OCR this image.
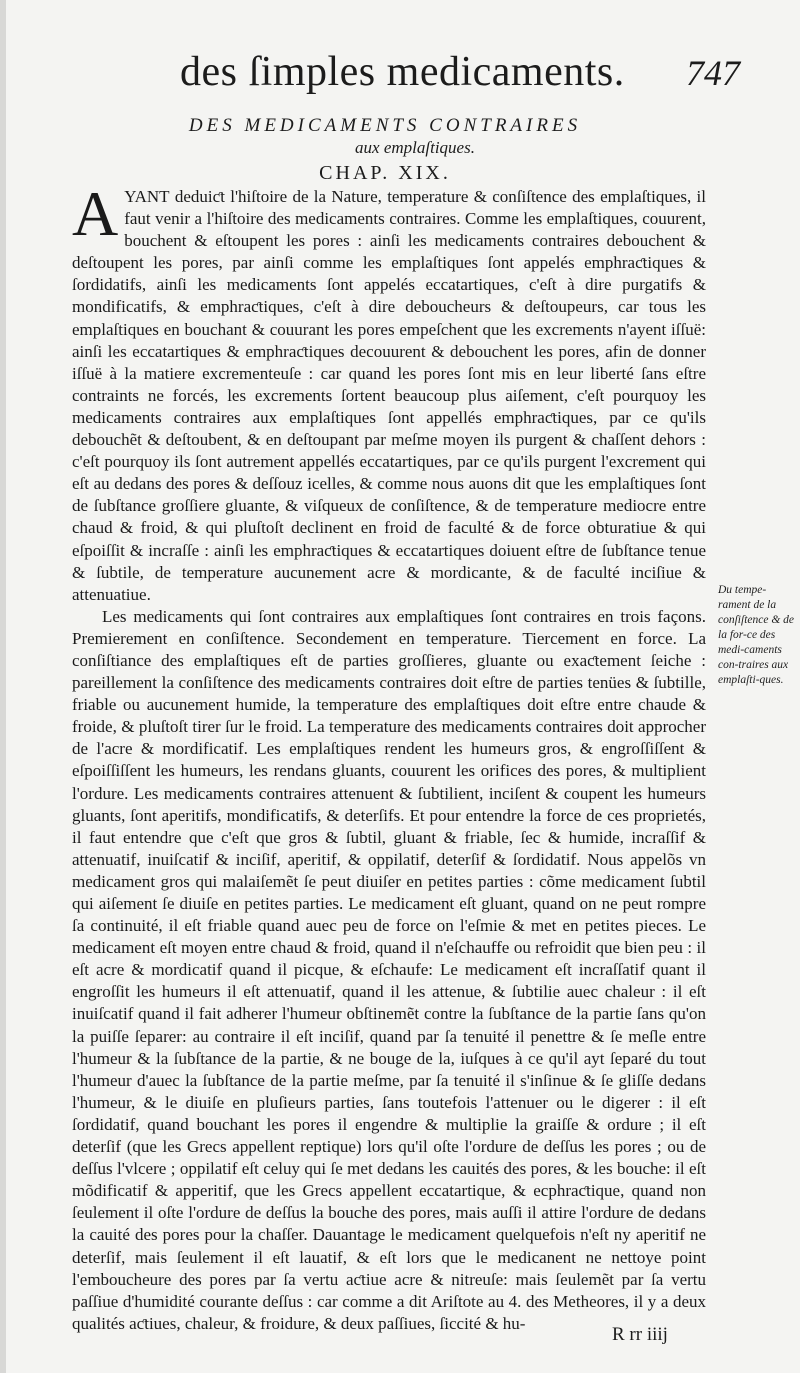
des ſimples medicaments. 747
DES MEDICAMENTS CONTRAIRES
aux emplaſtiques.
CHAP. XIX.

AYANT deduiƈt l'hiſtoire de la Nature, temperature & conſiſtence des emplaſtiques, il faut venir a l'hiſtoire des medicaments contraires. Comme les emplaſtiques, couurent, bouchent & eſtoupent les pores : ainſi les medicaments contraires debouchent & deſtoupent les pores, par ainſi comme les emplaſtiques ſont appelés emphraƈtiques & ſordidatifs, ainſi les medicaments ſont appelés eccatartiques, c'eſt à dire purgatifs & mondificatifs, & emphraƈtiques, c'eſt à dire deboucheurs & deſtoupeurs, car tous les emplaſtiques en bouchant & couurant les pores empeſchent que les excrements n'ayent iſſuë: ainſi les eccatartiques & emphraƈtiques decouurent & debouchent les pores, afin de donner iſſuë à la matiere excrementeuſe : car quand les pores ſont mis en leur liberté ſans eſtre contraints ne forcés, les excrements ſortent beaucoup plus aiſement, c'eſt pourquoy les medicaments contraires aux emplaſtiques ſont appellés emphraƈtiques, par ce qu'ils debouchẽt & deſtoubent, & en deſtoupant par meſme moyen ils purgent & chaſſent dehors : c'eſt pourquoy ils ſont autrement appellés eccatartiques, par ce qu'ils purgent l'excrement qui eſt au dedans des pores & deſſouz icelles, & comme nous auons dit que les emplaſtiques ſont de ſubſtance groſſiere gluante, & viſqueux de conſiſtence, & de temperature mediocre entre chaud & froid, & qui pluſtoſt declinent en froid de faculté & de force obturatiue & qui eſpoiſſit & incraſſe : ainſi les emphraƈtiques & eccatartiques doiuent eſtre de ſubſtance tenue & ſubtile, de temperature aucunement acre & mordicante, & de faculté inciſiue & attenuatiue.

Les medicaments qui ſont contraires aux emplaſtiques ſont contraires en trois façons. Premierement en conſiſtence. Secondement en temperature. Tiercement en force. La conſiſtiance des emplaſtiques eſt de parties groſſieres, gluante ou exaƈtement ſeiche : pareillement la conſiſtence des medicaments contraires doit eſtre de parties tenües & ſubtille, friable ou aucunement humide, la temperature des emplaſtiques doit eſtre entre chaude & froide, & pluſtoſt tirer ſur le froid. La temperature des medicaments contraires doit approcher de l'acre & mordificatif. Les emplaſtiques rendent les humeurs gros, & engroſſiſſent & eſpoiſſiſſent les humeurs, les rendans gluants, couurent les orifices des pores, & multiplient l'ordure. Les medicaments contraires attenuent & ſubtilient, inciſent & coupent les humeurs gluants, ſont aperitifs, mondificatifs, & deterſifs. Et pour entendre la force de ces proprietés, il faut entendre que c'eſt que gros & ſubtil, gluant & friable, ſec & humide, incraſſif & attenuatif, inuiſcatif & inciſif, aperitif, & oppilatif, deterſif & ſordidatif. Nous appelõs vn medicament gros qui malaiſemẽt ſe peut diuiſer en petites parties : cõme medicament ſubtil qui aiſement ſe diuiſe en petites parties. Le medicament eſt gluant, quand on ne peut rompre ſa continuité, il eſt friable quand auec peu de force on l'eſmie & met en petites pieces. Le medicament eſt moyen entre chaud & froid, quand il n'eſchauffe ou refroidit que bien peu : il eſt acre & mordicatif quand il picque, & eſchaufe: Le medicament eſt incraſſatif quant il engroſſit les humeurs il eſt attenuatif, quand il les attenue, & ſubtilie auec chaleur : il eſt inuiſcatif quand il fait adherer l'humeur obſtinemẽt contre la ſubſtance de la partie ſans qu'on la puiſſe ſeparer: au contraire il eſt inciſif, quand par ſa tenuité il penettre & ſe meſle entre l'humeur & la ſubſtance de la partie, & ne bouge de la, iuſques à ce qu'il ayt ſeparé du tout l'humeur d'auec la ſubſtance de la partie meſme, par ſa tenuité il s'inſinue & ſe gliſſe dedans l'humeur, & le diuiſe en pluſieurs parties, ſans toutefois l'attenuer ou le digerer : il eſt ſordidatif, quand bouchant les pores il engendre & multiplie la graiſſe & ordure ; il eſt deterſif (que les Grecs appellent reptique) lors qu'il oſte l'ordure de deſſus les pores ; ou de deſſus l'vlcere ; oppilatif eſt celuy qui ſe met dedans les cauités des pores, & les bouche: il eſt mõdificatif & apperitif, que les Grecs appellent eccatartique, & ecphraƈtique, quand non ſeulement il oſte l'ordure de deſſus la bouche des pores, mais auſſi il attire l'ordure de dedans la cauité des pores pour la chaſſer. Dauantage le medicament quelquefois n'eſt ny aperitif ne deterſif, mais ſeulement il eſt lauatif, & eſt lors que le medicanent ne nettoye point l'emboucheure des pores par ſa vertu aƈtiue acre & nitreuſe: mais ſeulemẽt par ſa vertu paſſiue d'humidité courante deſſus : car comme a dit Ariſtote au 4. des Metheores, il y a deux qualités aƈtiues, chaleur, & froidure, & deux paſſiues, ſiccité & hu-

Du tempe-rament de la conſiſtence & de la for-ce des medi-caments con-traires aux emplaſti-ques.
R rr iiij
